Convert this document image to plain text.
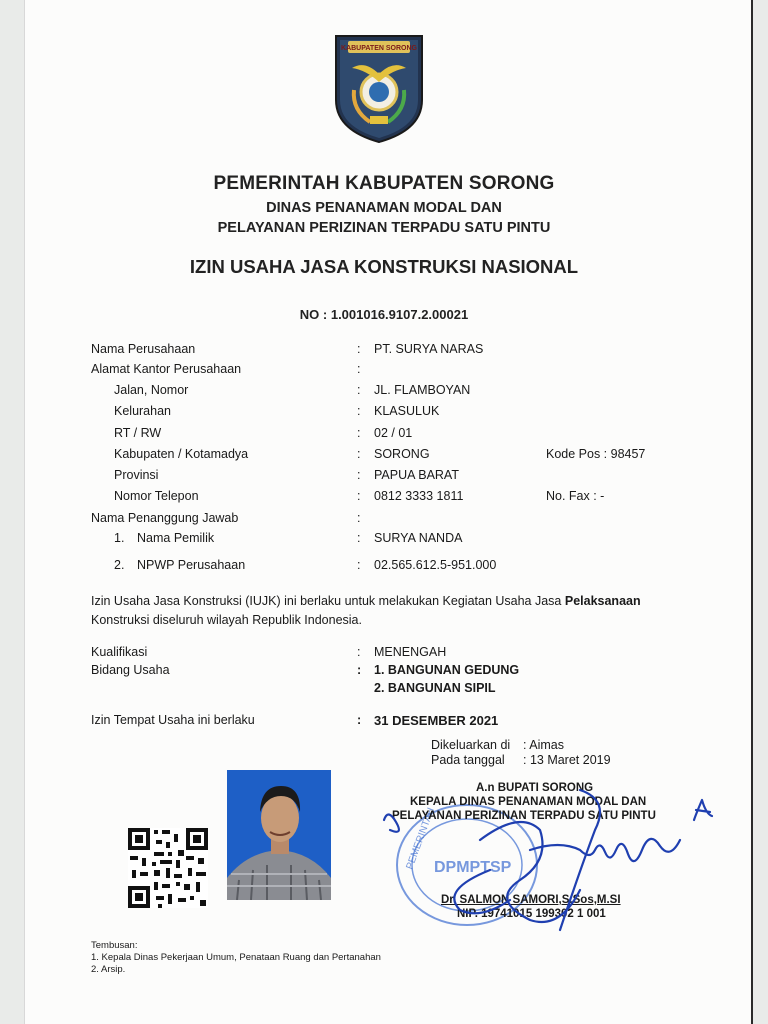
KABUPATEN SORONG
PEMERINTAH KABUPATEN SORONG
DINAS PENANAMAN MODAL DAN
PELAYANAN PERIZINAN TERPADU SATU PINTU
IZIN USAHA JASA KONSTRUKSI NASIONAL
NO : 1.001016.9107.2.00021
Nama Perusahaan	: PT. SURYA NARAS
Alamat Kantor Perusahaan	:
Jalan, Nomor	: JL. FLAMBOYAN
Kelurahan	: KLASULUK
RT / RW	: 02 / 01
Kabupaten / Kotamadya	: SORONG	Kode Pos : 98457
Provinsi	: PAPUA BARAT
Nomor Telepon	: 0812 3333 1811	No. Fax : -
Nama Penanggung Jawab	:
1. Nama Pemilik	: SURYA NANDA
2. NPWP Perusahaan	: 02.565.612.5-951.000
Izin Usaha Jasa Konstruksi (IUJK) ini berlaku untuk melakukan Kegiatan Usaha Jasa Pelaksanaan Konstruksi diseluruh wilayah Republik Indonesia.
Kualifikasi	: MENENGAH
Bidang Usaha	: 1. BANGUNAN GEDUNG
2. BANGUNAN SIPIL
Izin Tempat Usaha ini berlaku	: 31 DESEMBER 2021
Dikeluarkan di : Aimas
Pada tanggal : 13 Maret 2019
PEMERINTAH
DPMPTSP
A.n BUPATI SORONG
KEPALA DINAS PENANAMAN MODAL DAN
PELAYANAN PERIZINAN TERPADU SATU PINTU
Dr. SALMON SAMORI,S.Sos,M.SI
NIP. 19741015 199302 1 001
Tembusan:
1. Kepala Dinas Pekerjaan Umum, Penataan Ruang dan Pertanahan
2. Arsip.
